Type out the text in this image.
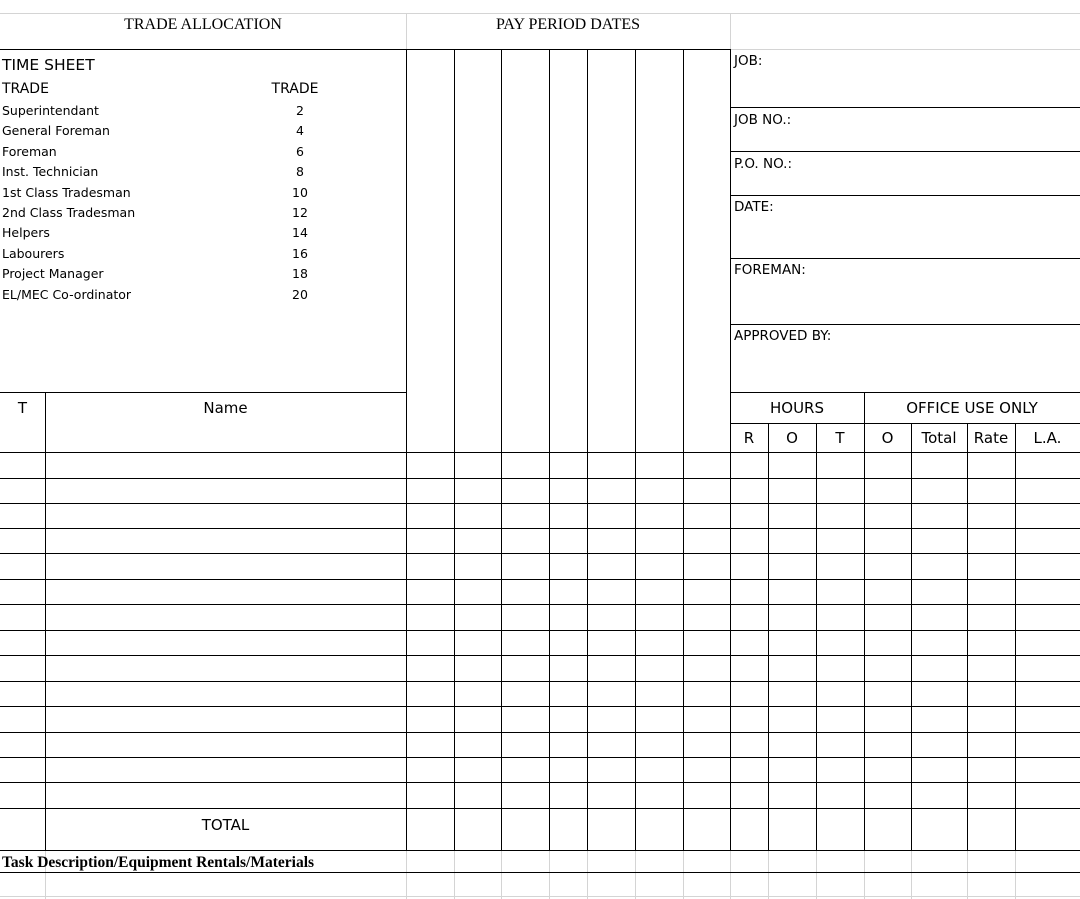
TRADE ALLOCATION	PAY PERIOD DATES
TIME SHEET
TRADE	TRADE
Superintendant	2
General Foreman	4
Foreman	6
Inst. Technician	8
1st Class Tradesman	10
2nd Class Tradesman	12
Helpers	14
Labourers	16
Project Manager	18
EL/MEC Co-ordinator	20
JOB:
JOB NO.:
P.O. NO.:
DATE:
FOREMAN:
APPROVED BY:
T	Name	HOURS	OFFICE USE ONLY
R	O	T	O	Total	Rate	L.A.
TOTAL
Task Description/Equipment Rentals/Materials
